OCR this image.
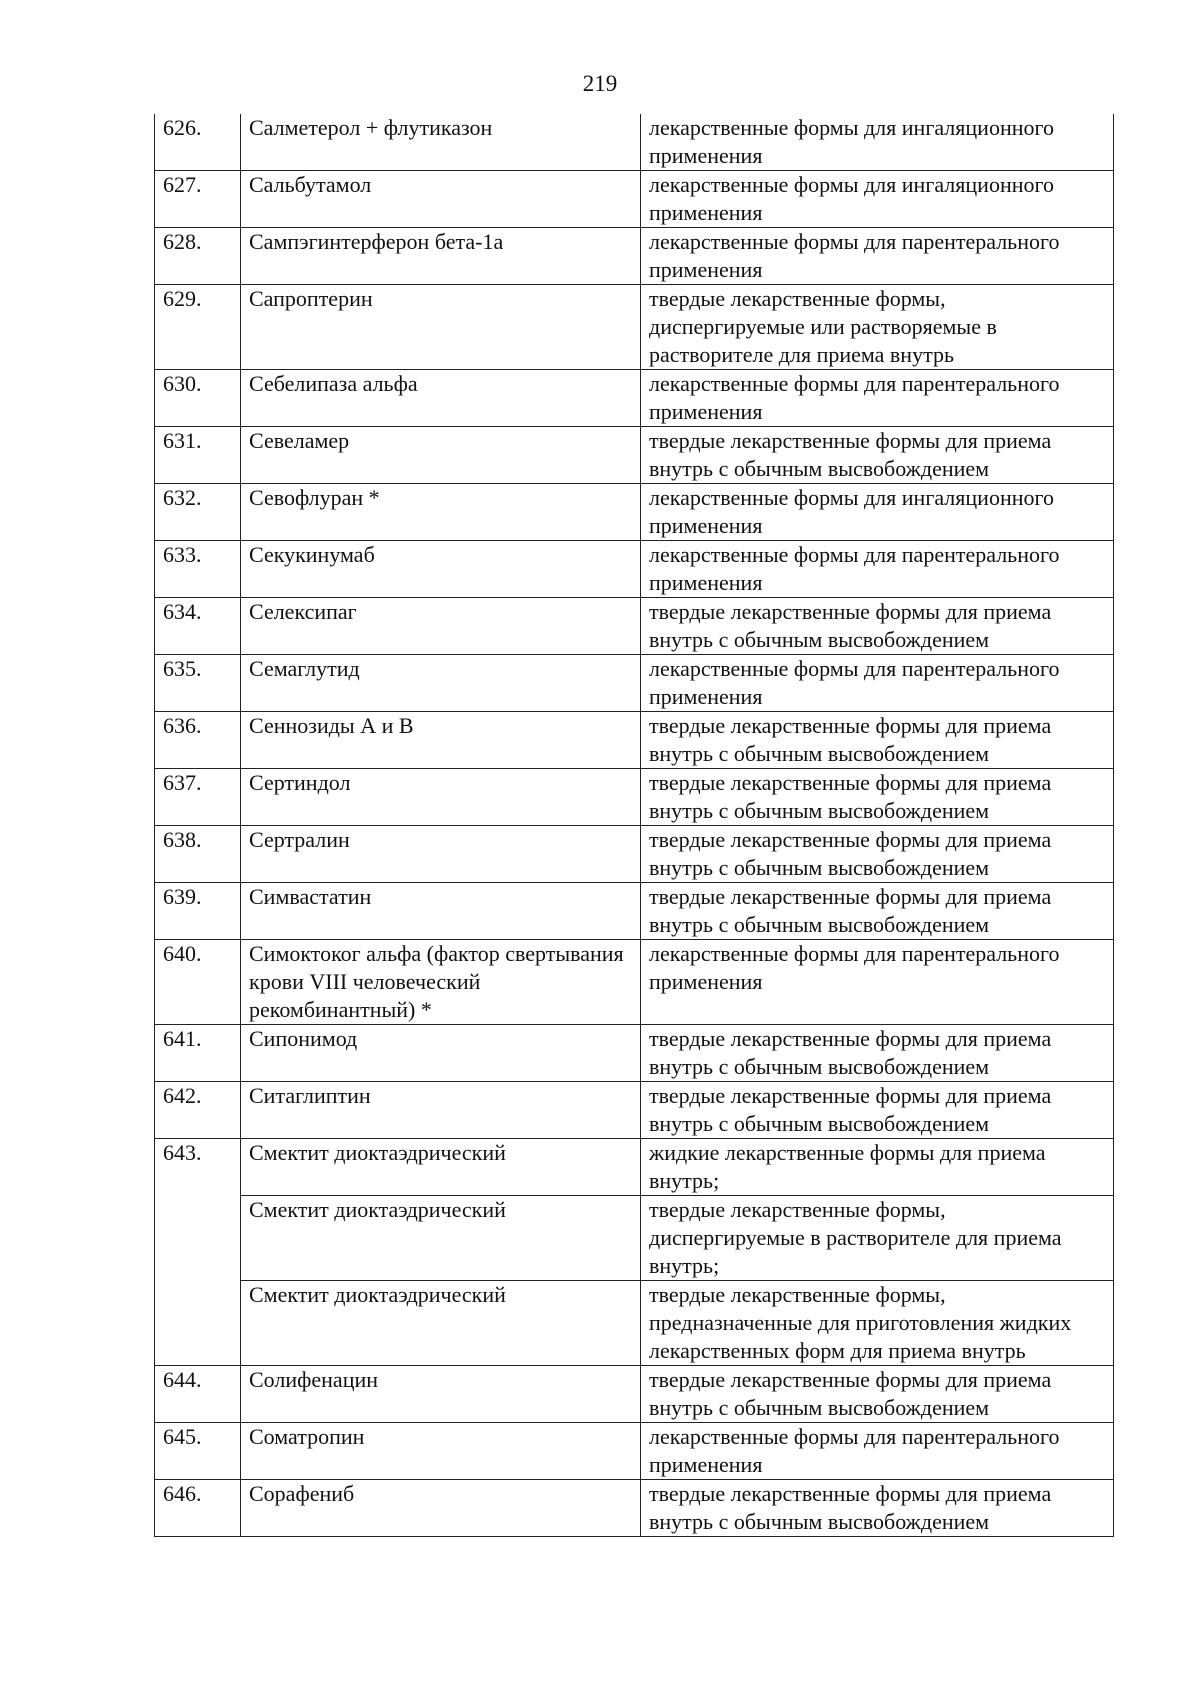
219
626.	Салметерол + флутиказон	лекарственные формы для ингаляционного применения
627.	Сальбутамол	лекарственные формы для ингаляционного применения
628.	Сампэгинтерферон бета-1а	лекарственные формы для парентерального применения
629.	Сапроптерин	твердые лекарственные формы, диспергируемые или растворяемые в растворителе для приема внутрь
630.	Себелипаза альфа	лекарственные формы для парентерального применения
631.	Севеламер	твердые лекарственные формы для приема внутрь с обычным высвобождением
632.	Севофлуран *	лекарственные формы для ингаляционного применения
633.	Секукинумаб	лекарственные формы для парентерального применения
634.	Селексипаг	твердые лекарственные формы для приема внутрь с обычным высвобождением
635.	Семаглутид	лекарственные формы для парентерального применения
636.	Сеннозиды А и В	твердые лекарственные формы для приема внутрь с обычным высвобождением
637.	Сертиндол	твердые лекарственные формы для приема внутрь с обычным высвобождением
638.	Сертралин	твердые лекарственные формы для приема внутрь с обычным высвобождением
639.	Симвастатин	твердые лекарственные формы для приема внутрь с обычным высвобождением
640.	Симоктоког альфа (фактор свертывания крови VIII человеческий рекомбинантный) *	лекарственные формы для парентерального применения
641.	Сипонимод	твердые лекарственные формы для приема внутрь с обычным высвобождением
642.	Ситаглиптин	твердые лекарственные формы для приема внутрь с обычным высвобождением
643.	Смектит диоктаэдрический	жидкие лекарственные формы для приема внутрь;
	Смектит диоктаэдрический	твердые лекарственные формы, диспергируемые в растворителе для приема внутрь;
	Смектит диоктаэдрический	твердые лекарственные формы, предназначенные для приготовления жидких лекарственных форм для приема внутрь
644.	Солифенацин	твердые лекарственные формы для приема внутрь с обычным высвобождением
645.	Соматропин	лекарственные формы для парентерального применения
646.	Сорафениб	твердые лекарственные формы для приема внутрь с обычным высвобождением
